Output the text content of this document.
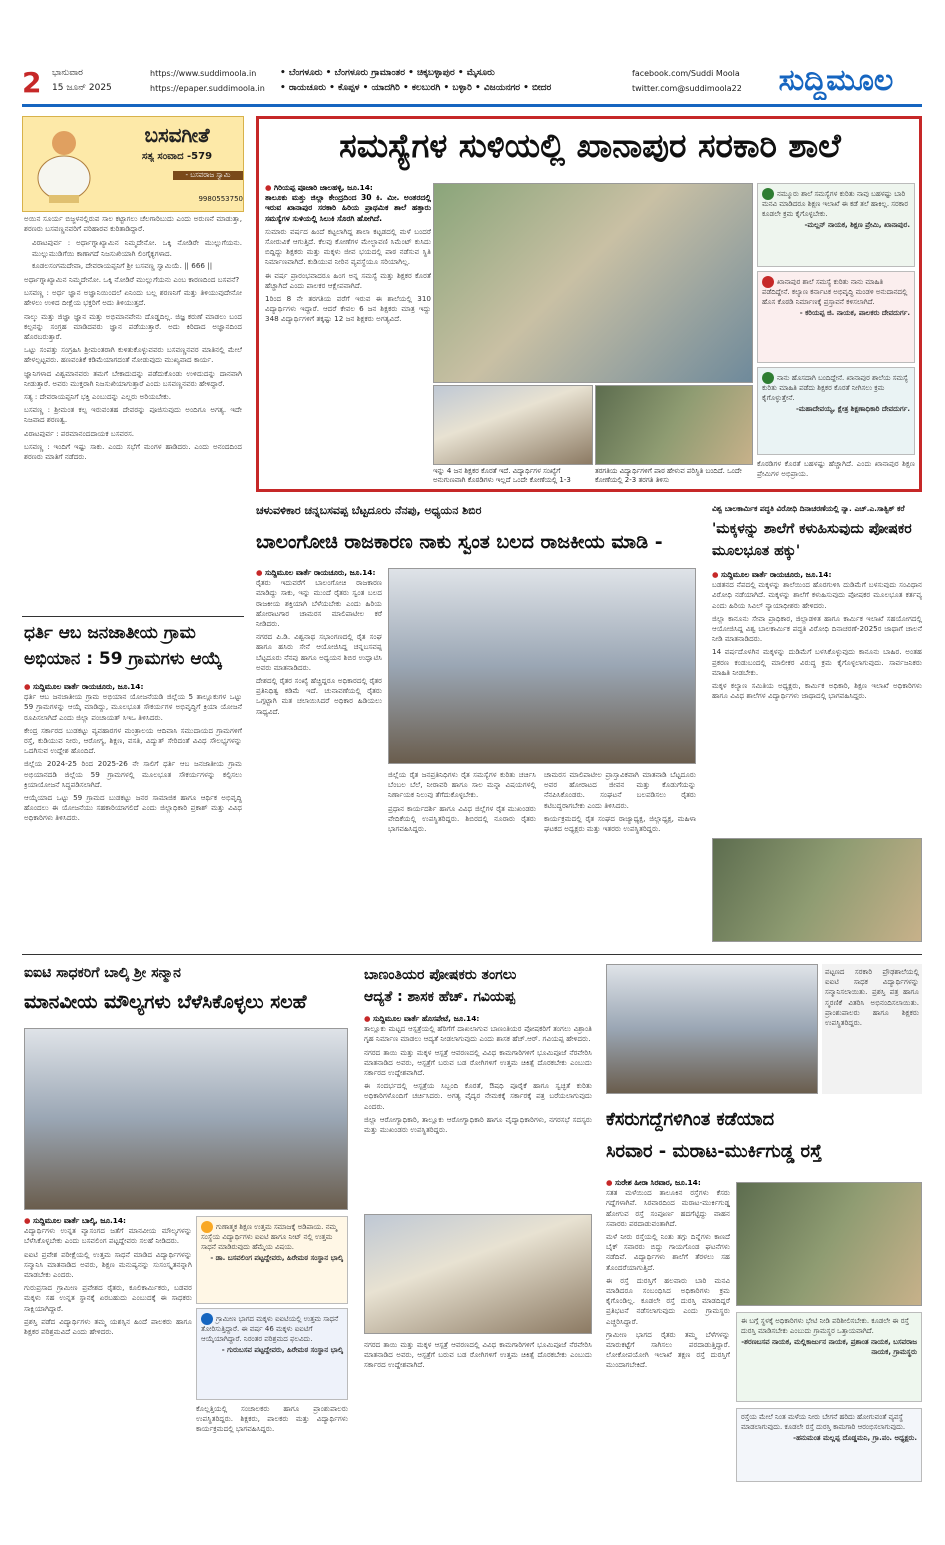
2	ಭಾನುವಾರ
15 ಜೂನ್ 2025
https://www.suddimoola.in
https://epaper.suddimoola.in
• ಬೆಂಗಳೂರು • ಬೆಂಗಳೂರು ಗ್ರಾಮಾಂತರ • ಚಿಕ್ಕಬಳ್ಳಾಪುರ • ಮೈಸೂರು
• ರಾಯಚೂರು • ಕೊಪ್ಪಳ • ಯಾದಗಿರಿ • ಕಲಬುರಗಿ • ಬಳ್ಳಾರಿ • ವಿಜಯನಗರ • ಬೀದರ
facebook.com/Suddi Moola
twitter.com@suddimoola22	ಸುದ್ದಿಮೂಲ
ಬಸವಗೀತೆ
ಸತ್ಯ ಸಂವಾದ -579
- ಬಸವರಾಜ ಸ್ವಾಮಿ
9980553750

ಅಯಿನ ಸೂರ್ಯ ಬಿಜ್ಜಳನಲ್ಲಿರುವ ಸಾಲ ಕಟ್ಟಾಗಲು ಚೆಲಗಾರಿಬುದು ಎಂದು ಅರುಣನೆ ಮಾಡುತ್ತಾ, ಶರಣರು ಬಸವಣ್ಣನವರಿಗೆ ಪರಿಹಾರವ ಕುರಿತಾಡಿದ್ದಾರೆ.

ವಿರಾಟಪುರ್ವ : ಅರ್ಧಾಗ್ನಾಖ್ಯಾಮಿನ ನಿಮ್ಮದೇನೋ. ಒಕ್ಕಿ ನೋಡಿರೇ ಮುಲ್ಲುಗೆಯನು. ಮುಲ್ಲುಮುಡಿಗೆಯಿ ಕಾಣಾಗದೆ ನಿಜಸುಖಿಯಾಗಿ ಲಿಂಗೈಕ್ಯಗಳಾದ.

ಕೂಡಲಸಂಗಮದೇವಾ, ದೇವರಾಯಪ್ಪನಿಗೆ ಶ್ರೀ ಬಸವಣ್ಣ ಸ್ವಾಮಿಯೆ. || 666 ||

ಅರ್ಧಾಗ್ನಾಖ್ಯಾಮಿನ ನಿಮ್ಮದೇನೋ. ಒಕ್ಕಿ ನೋಡಿರೆ ಮುಲ್ಲುಗೆಯನು ಎಂಬ ಕಾರಣದಿಂದ ಬಸವನೆ?

ಬಸವಣ್ಣ : ಅರ್ಧ ಜ್ಞಾನ ಅಜ್ಞಾನಿಯಿಂದಲೆ ಏನಿಂದು ಬಲ್ಲ ಶರಣನಿಗೆ ಮತ್ತು ತಿಳಿಯುವುದೇನೋ ಹೇಳಲು ಉಳಿದ ದೀಕ್ಷೆಯ ಭಕ್ತರಿಗೆ ಅದು ತಿಳಿಯುತ್ತದೆ.

ನಾಲ್ಕು ಮತ್ತು ಜಿಜ್ಞಾ ಜ್ಞಾನ ಮತ್ತು ಅಭಿಮಾನವೇನು ದೊಡ್ಡದಿಲ್ಲ. ಜಿಜ್ಞ ಕರುಣೆ ಮಾಡಲು ಬಂದ ಕಲ್ಪನನ್ನು ಸಂಗ್ರಹ ಮಾಡಿದವರು ಜ್ಞಾನ ಪಡೆಯುತ್ತಾರೆ. ಅದು ಕಿರಿದಾದ ಅಜ್ಞಾನದಿಂದ ಹೊರಬರುತ್ತಾರೆ.

ಒಟ್ಟು ಸಂಪತ್ತು ಸಂಗ್ರಹಿಸಿ ಶ್ರೀಮಂತರಾಗಿ ಕುಳಿತುಕೊಳ್ಳುವವರು ಬಸವಣ್ಣನವರ ಮಾತಿನಲ್ಲಿ ಮೇಲೆ ಹೇಳಲ್ಪಟ್ಟವರು. ಹಣವಂತಿಕೆ ಕಡಿಮೆಯಾಗದಂತೆ ನೋಡುವುದು ಮುಖ್ಯವಾದ ಕಾರ್ಯ.

ಜ್ಞಾನಿಗಳಾದ ವಿಶ್ವಮಾನವರು ತಮಗೆ ಬೇಕಾದುದನ್ನು ಪಡೆದುಕೊಂಡು ಉಳಿದುದನ್ನು ದಾನವಾಗಿ ನೀಡುತ್ತಾರೆ. ಅವರು ಮುಕ್ತರಾಗಿ ನಿಜಸುಖಿಯಾಗುತ್ತಾರೆ ಎಂದು ಬಸವಣ್ಣನವರು ಹೇಳಿದ್ದಾರೆ.

ಸತ್ಯ : ದೇವರಾಯಪ್ಪನಿಗೆ ಭಕ್ತಿ ಎಂಬುದನ್ನು ಎಲ್ಲರು ಅರಿಯಬೇಕು.

ಬಸವಣ್ಣ : ಶ್ರೀಮಂತ ಕಲ್ಪ ಇರುವಂತಹ ದೇವರನ್ನು ಪೂಜಿಸುವುದು ಅಂದಿಗೂ ಅಗತ್ಯ. ಇದೇ ನಿಜವಾದ ಶರಣತ್ವ.

ವಿರಾಟಪುರ್ವ : ಪರಮಾನಂದದಾಯಕ ಬಸವರಸ.

ಬಸವಣ್ಣ : ಇಂದಿಗೆ ಇಷ್ಟು ಸಾಕು. ಎಂದು ಸಭೆಗೆ ಮಂಗಳ ಹಾಡಿದರು. ಎಂದು ಅನಂದದಿಂದ ಶರಣರು ಮಾತಿಗೆ ನಡೆದರು.

ಧರ್ತಿ ಆಬ ಜನಜಾತೀಯ ಗ್ರಾಮ ಅಭಿಯಾನ : 59 ಗ್ರಾಮಗಳು ಆಯ್ಕೆ
● ಸುದ್ದಿಮೂಲ ವಾರ್ತೆ ರಾಯಚೂರು, ಜೂ.14:

ಧರ್ತಿ ಆಬ ಜನಜಾತೀಯ ಗ್ರಾಮ ಅಭಿಯಾನ ಯೋಜನೆಯಡಿ ಜಿಲ್ಲೆಯ 5 ತಾಲ್ಲೂಕುಗಳ ಒಟ್ಟು 59 ಗ್ರಾಮಗಳನ್ನು ಆಯ್ಕೆ ಮಾಡಿದ್ದು, ಮೂಲಭೂತ ಸೌಕರ್ಯಗಳ ಅಭಿವೃದ್ಧಿಗೆ ಕ್ರಿಯಾ ಯೋಜನೆ ರೂಪಿಸಲಾಗಿದೆ ಎಂದು ಜಿಲ್ಲಾ ಪಂಚಾಯತ್ ಸಿಇಒ ತಿಳಿಸಿದರು.

ಕೇಂದ್ರ ಸರ್ಕಾರದ ಬುಡಕಟ್ಟು ವ್ಯವಹಾರಗಳ ಮಂತ್ರಾಲಯ ಆದಿವಾಸಿ ಸಮುದಾಯದ ಗ್ರಾಮಗಳಿಗೆ ರಸ್ತೆ, ಕುಡಿಯುವ ನೀರು, ಆರೋಗ್ಯ, ಶಿಕ್ಷಣ, ವಸತಿ, ವಿದ್ಯುತ್ ಸೇರಿದಂತೆ ವಿವಿಧ ಸೌಲಭ್ಯಗಳನ್ನು ಒದಗಿಸುವ ಉದ್ದೇಶ ಹೊಂದಿದೆ.

ಜಿಲ್ಲೆಯ 2024-25 ರಿಂದ 2025-26 ನೇ ಸಾಲಿಗೆ ಧರ್ತಿ ಆಬ ಜನಜಾತೀಯ ಗ್ರಾಮ ಅಭಿಯಾನದಡಿ ಜಿಲ್ಲೆಯ 59 ಗ್ರಾಮಗಳಲ್ಲಿ ಮೂಲಭೂತ ಸೌಕರ್ಯಗಳನ್ನು ಕಲ್ಪಿಸಲು ಕ್ರಿಯಾಯೋಜನೆ ಸಿದ್ಧಪಡಿಸಲಾಗಿದೆ.

ಆಯ್ಕೆಯಾದ ಒಟ್ಟು 59 ಗ್ರಾಮದ ಬುಡಕಟ್ಟು ಜನರ ಸಾಮಾಜಿಕ ಹಾಗೂ ಆರ್ಥಿಕ ಅಭಿವೃದ್ಧಿ ಹೊಂದಲು ಈ ಯೋಜನೆಯು ಸಹಕಾರಿಯಾಗಲಿದೆ ಎಂದು ಜಿಲ್ಲಾಧಿಕಾರಿ ಪ್ರಕಾಶ್ ಮತ್ತು ವಿವಿಧ ಅಧಿಕಾರಿಗಳು ತಿಳಿಸಿದರು.

ಸಮಸ್ಯೆಗಳ ಸುಳಿಯಲ್ಲಿ ಖಾನಾಪುರ ಸರಕಾರಿ ಶಾಲೆ
● ಗಿರಿಯಪ್ಪ ಪೂಜಾರಿ ಜಾಲಹಳ್ಳಿ, ಜೂ.14:

ತಾಲೂಕು ಮತ್ತು ಜಿಲ್ಲಾ ಕೇಂದ್ರದಿಂದ 30 ಕಿ. ಮೀ. ಅಂತರದಲ್ಲಿ ಇರುವ ಖಾನಾಪುರ ಸರಕಾರಿ ಹಿರಿಯ ಪ್ರಾಥಮಿಕ ಶಾಲೆ ಹತ್ತಾರು ಸಮಸ್ಯೆಗಳ ಸುಳಿಯಲ್ಲಿ ಸಿಲುಕಿ ಸೊರಗಿ ಹೋಗಿದೆ.

ಸುಮಾರು ವರ್ಷದ ಹಿಂದೆ ಕಟ್ಟಲಾಗಿದ್ದ ಶಾಲಾ ಕಟ್ಟಡದಲ್ಲಿ ಮಳೆ ಬಂದರೆ ಸೋರುವಿಕೆ ಆಗುತ್ತಿದೆ. ಕೆಲವು ಕೋಣೆಗಳ ಮೇಲ್ಛಾವಣಿ ಸಿಮೆಂಟ್ ಕುಸಿದು ಬಿದ್ದಿದ್ದು ಶಿಕ್ಷಕರು ಮತ್ತು ಮಕ್ಕಳು ಜೀವ ಭಯದಲ್ಲಿ ಪಾಠ ನಡೆಸುವ ಸ್ಥಿತಿ ನಿರ್ಮಾಣವಾಗಿದೆ. ಕುಡಿಯುವ ನೀರಿನ ವ್ಯವಸ್ಥೆಯೂ ಸರಿಯಾಗಿಲ್ಲ.

ಈ ವರ್ಷ ಪ್ರಾರಂಭವಾದರೂ ಹಿಂಗ ಅನ್ನ ಸಮಸ್ಯೆ ಮತ್ತು ಶಿಕ್ಷಕರ ಕೊರತೆ ಹೆಚ್ಚಾಗಿದೆ ಎಂದು ಪಾಲಕರ ಆಕ್ಷೇಪವಾಗಿದೆ.

1ರಿಂದ 8 ನೇ ತರಗತಿಯ ವರೆಗೆ ಇರುವ ಈ ಶಾಲೆಯಲ್ಲಿ 310 ವಿದ್ಯಾರ್ಥಿಗಳು ಇದ್ದಾರೆ. ಆದರೆ ಕೇವಲ 6 ಜನ ಶಿಕ್ಷಕರು ಮಾತ್ರ ಇದ್ದು 348 ವಿದ್ಯಾರ್ಥಿಗಳಿಗೆ ತಕ್ಕಷ್ಟು 12 ಜನ ಶಿಕ್ಷಕರು ಅಗತ್ಯವಿದೆ.

ಇನ್ನು 4 ಜನ ಶಿಕ್ಷಕರ ಕೊರತೆ ಇದೆ. ವಿದ್ಯಾರ್ಥಿಗಳ ಸಂಖ್ಯೆಗೆ ಅನುಗುಣವಾಗಿ ಕೊಠಡಿಗಳು ಇಲ್ಲದೆ ಒಂದೇ ಕೋಣೆಯಲ್ಲಿ 1-3
ತರಗತಿಯ ವಿದ್ಯಾರ್ಥಿಗಳಿಗೆ ಪಾಠ ಹೇಳುವ ಪರಿಸ್ಥಿತಿ ಬಂದಿದೆ. ಒಂದೇ ಕೋಣೆಯಲ್ಲಿ 2-3 ತರಗತಿ ತಿಳಿಸು
ನಮ್ಮೂರು ಶಾಲೆ ಸಮಸ್ಯೆಗಳ ಕುರಿತು ನಾವು ಬಹಳಷ್ಟು ಬಾರಿ ಮನವಿ ಮಾಡಿದರೂ ಶಿಕ್ಷಣ ಇಲಾಖೆ ಈ ಕಡೆ ತಲೆ ಹಾಕಿಲ್ಲ. ಸರಕಾರ ಕೂಡಲೇ ಕ್ರಮ ಕೈಗೊಳ್ಳಬೇಕು.
-ಮಲ್ಲನ್ ನಾಯಕ, ಶಿಕ್ಷಣ ಪ್ರೇಮಿ, ಖಾನಾಪುರ.
ಖಾನಾಪುರ ಶಾಲೆ ಸಮಸ್ಯೆ ಕುರಿತು ನಾನು ಮಾಹಿತಿ ಪಡೆದಿದ್ದೇನೆ. ಕಲ್ಯಾಣ ಕರ್ನಾಟಕ ಅಭಿವೃದ್ಧಿ ಮಂಡಳಿ ಅನುದಾನದಲ್ಲಿ ಹೊಸ ಕೊಠಡಿ ನಿರ್ಮಾಣಕ್ಕೆ ಪ್ರಸ್ತಾವನೆ ಕಳಿಸಲಾಗಿದೆ.
- ಕರಿಯಪ್ಪ ಜಿ. ನಾಯಕ, ಪಾಲಕರು ದೇವದುರ್ಗ.
ನಾನು ಹೊಸದಾಗಿ ಬಂದಿದ್ದೇನೆ. ಖಾನಾಪುರ ಶಾಲೆಯ ಸಮಸ್ಯೆ ಕುರಿತು ಮಾಹಿತಿ ಪಡೆದು ಶಿಕ್ಷಕರ ಕೊರತೆ ನೀಗಿಸಲು ಕ್ರಮ ಕೈಗೊಳ್ಳುತ್ತೇನೆ.
-ಮಹಾದೇವಯ್ಯ, ಕ್ಷೇತ್ರ ಶಿಕ್ಷಣಾಧಿಕಾರಿ ದೇವದುರ್ಗ.
ಕೊಠಡಿಗಳ ಕೊರತೆ ಬಹಳಷ್ಟು ಹೆಚ್ಚಾಗಿದೆ. ಎಂದು ಖಾನಾಪುರ ಶಿಕ್ಷಣ ಪ್ರೇಮಿಗಳ ಅಭಿಪ್ರಾಯ.
ಚಳುವಳಿಕಾರ ಚನ್ನಬಸವಪ್ಪ ಬೆಟ್ಟದೂರು ನೆನಪು, ಅಧ್ಯಯನ ಶಿಬಿರ
ಬಾಲಂಗೋಚಿ ರಾಜಕಾರಣ ನಾಕು ಸ್ವಂತ ಬಲದ ರಾಜಕೀಯ ಮಾಡಿ -
● ಸುದ್ದಿಮೂಲ ವಾರ್ತೆ ರಾಯಚೂರು, ಜೂ.14:

ರೈತರು ಇದುವರೆಗೆ ಬಾಲಂಗೋಚಿ ರಾಜಕಾರಣ ಮಾಡಿದ್ದು ಸಾಕು, ಇನ್ನು ಮುಂದೆ ರೈತರು ಸ್ವಂತ ಬಲದ ರಾಜಕೀಯ ಶಕ್ತಿಯಾಗಿ ಬೆಳೆಯಬೇಕು ಎಂದು ಹಿರಿಯ ಹೋರಾಟಗಾರ ಚಾಮರಸ ಮಾಲಿಪಾಟೀಲ ಕರೆ ನೀಡಿದರು.

ನಗರದ ಪಿ.ಡಿ. ವಿಶ್ವನಾಥ ಸಭಾಂಗಣದಲ್ಲಿ ರೈತ ಸಂಘ ಹಾಗೂ ಹಸಿರು ಸೇನೆ ಆಯೋಜಿಸಿದ್ದ ಚನ್ನಬಸವಪ್ಪ ಬೆಟ್ಟದೂರು ನೆನಪು ಹಾಗೂ ಅಧ್ಯಯನ ಶಿಬಿರ ಉದ್ಘಾಟಿಸಿ ಅವರು ಮಾತನಾಡಿದರು.

ದೇಶದಲ್ಲಿ ರೈತರ ಸಂಖ್ಯೆ ಹೆಚ್ಚಿದ್ದರೂ ಅಧಿಕಾರದಲ್ಲಿ ರೈತರ ಪ್ರತಿನಿಧಿತ್ವ ಕಡಿಮೆ ಇದೆ. ಚುನಾವಣೆಯಲ್ಲಿ ರೈತರು ಒಗ್ಗಟ್ಟಾಗಿ ಮತ ಚಲಾಯಿಸಿದರೆ ಅಧಿಕಾರ ಹಿಡಿಯಲು ಸಾಧ್ಯವಿದೆ.

ಜಿಲ್ಲೆಯ ರೈತ ಜನಪ್ರತಿನಿಧಿಗಳು ರೈತ ಸಮಸ್ಯೆಗಳ ಕುರಿತು ಚರ್ಚಿಸಿ ಬೆಂಬಲ ಬೆಲೆ, ನೀರಾವರಿ ಹಾಗೂ ಸಾಲ ಮನ್ನಾ ವಿಷಯಗಳಲ್ಲಿ ನಿರ್ಣಾಯಕ ನಿಲುವು ತೆಗೆದುಕೊಳ್ಳಬೇಕು.

ಪ್ರಧಾನ ಕಾರ್ಯದರ್ಶಿ ಹಾಗೂ ವಿವಿಧ ಜಿಲ್ಲೆಗಳ ರೈತ ಮುಖಂಡರು ವೇದಿಕೆಯಲ್ಲಿ ಉಪಸ್ಥಿತರಿದ್ದರು. ಶಿಬಿರದಲ್ಲಿ ನೂರಾರು ರೈತರು ಭಾಗವಹಿಸಿದ್ದರು.

ಚಾಮರಸ ಮಾಲಿಪಾಟೀಲ ಪ್ರಾಸ್ತಾವಿಕವಾಗಿ ಮಾತನಾಡಿ ಬೆಟ್ಟದೂರು ಅವರ ಹೋರಾಟದ ಜೀವನ ಮತ್ತು ಕೊಡುಗೆಯನ್ನು ನೆನಪಿಸಿಕೊಂಡರು. ಸಂಘಟನೆ ಬಲಪಡಿಸಲು ರೈತರು ಕಟಿಬದ್ಧರಾಗಬೇಕು ಎಂದು ತಿಳಿಸಿದರು.

ಕಾರ್ಯಕ್ರಮದಲ್ಲಿ ರೈತ ಸಂಘದ ರಾಜ್ಯಾಧ್ಯಕ್ಷ, ಜಿಲ್ಲಾಧ್ಯಕ್ಷ, ಮಹಿಳಾ ಘಟಕದ ಅಧ್ಯಕ್ಷರು ಮತ್ತು ಇತರರು ಉಪಸ್ಥಿತರಿದ್ದರು.

ವಿಶ್ವ ಬಾಲಕಾರ್ಮಿಕ ಪದ್ಧತಿ ವಿರೋಧಿ ದಿನಾಚರಣೆಯಲ್ಲಿ ನ್ಯಾ. ಎಚ್.ಎ.ಸಾತ್ವಿಕ್ ಕರೆ
'ಮಕ್ಕಳನ್ನು ಶಾಲೆಗೆ ಕಳುಹಿಸುವುದು ಪೋಷಕರ ಮೂಲಭೂತ ಹಕ್ಕು'
● ಸುದ್ದಿಮೂಲ ವಾರ್ತೆ ರಾಯಚೂರು, ಜೂ.14:

ಬಡತನದ ನೆಪದಲ್ಲಿ ಮಕ್ಕಳನ್ನು ಶಾಲೆಯಿಂದ ಹೊರಗುಳಿಸಿ ದುಡಿಮೆಗೆ ಬಳಸುವುದು ಸಂವಿಧಾನ ವಿರೋಧಿ ನಡೆಯಾಗಿದೆ. ಮಕ್ಕಳನ್ನು ಶಾಲೆಗೆ ಕಳುಹಿಸುವುದು ಪೋಷಕರ ಮೂಲಭೂತ ಕರ್ತವ್ಯ ಎಂದು ಹಿರಿಯ ಸಿವಿಲ್ ನ್ಯಾಯಾಧೀಶರು ಹೇಳಿದರು.

ಜಿಲ್ಲಾ ಕಾನೂನು ಸೇವಾ ಪ್ರಾಧಿಕಾರ, ಜಿಲ್ಲಾಡಳಿತ ಹಾಗೂ ಕಾರ್ಮಿಕ ಇಲಾಖೆ ಸಹಯೋಗದಲ್ಲಿ ಆಯೋಜಿಸಿದ್ದ ವಿಶ್ವ ಬಾಲಕಾರ್ಮಿಕ ಪದ್ಧತಿ ವಿರೋಧಿ ದಿನಾಚರಣೆ-2025ರ ಜಾಥಾಗೆ ಚಾಲನೆ ನೀಡಿ ಮಾತನಾಡಿದರು.

14 ವರ್ಷದೊಳಗಿನ ಮಕ್ಕಳನ್ನು ದುಡಿಮೆಗೆ ಬಳಸಿಕೊಳ್ಳುವುದು ಕಾನೂನು ಬಾಹಿರ. ಅಂತಹ ಪ್ರಕರಣ ಕಂಡುಬಂದಲ್ಲಿ ಮಾಲೀಕರ ವಿರುದ್ಧ ಕ್ರಮ ಕೈಗೊಳ್ಳಲಾಗುವುದು. ಸಾರ್ವಜನಿಕರು ಮಾಹಿತಿ ನೀಡಬೇಕು.

ಮಕ್ಕಳ ಕಲ್ಯಾಣ ಸಮಿತಿಯ ಅಧ್ಯಕ್ಷರು, ಕಾರ್ಮಿಕ ಅಧಿಕಾರಿ, ಶಿಕ್ಷಣ ಇಲಾಖೆ ಅಧಿಕಾರಿಗಳು ಹಾಗೂ ವಿವಿಧ ಶಾಲೆಗಳ ವಿದ್ಯಾರ್ಥಿಗಳು ಜಾಥಾದಲ್ಲಿ ಭಾಗವಹಿಸಿದ್ದರು.

ಐಐಟಿ ಸಾಧಕರಿಗೆ ಬಾಲ್ಕಿ ಶ್ರೀ ಸನ್ಮಾನ
ಮಾನವೀಯ ಮೌಲ್ಯಗಳು ಬೆಳೆಸಿಕೊಳ್ಳಲು ಸಲಹೆ
● ಸುದ್ದಿಮೂಲ ವಾರ್ತೆ ಬಾಲ್ಕಿ, ಜೂ.14:

ವಿದ್ಯಾರ್ಥಿಗಳು ಉನ್ನತ ವ್ಯಾಸಂಗದ ಜತೆಗೆ ಮಾನವೀಯ ಮೌಲ್ಯಗಳನ್ನು ಬೆಳೆಸಿಕೊಳ್ಳಬೇಕು ಎಂದು ಬಸವಲಿಂಗ ಪಟ್ಟದ್ದೇವರು ಸಲಹೆ ನೀಡಿದರು.

ಐಐಟಿ ಪ್ರವೇಶ ಪರೀಕ್ಷೆಯಲ್ಲಿ ಉತ್ತಮ ಸಾಧನೆ ಮಾಡಿದ ವಿದ್ಯಾರ್ಥಿಗಳನ್ನು ಸನ್ಮಾನಿಸಿ ಮಾತನಾಡಿದ ಅವರು, ಶಿಕ್ಷಣ ಮನುಷ್ಯನನ್ನು ಸುಸಂಸ್ಕೃತನನ್ನಾಗಿ ಮಾಡಬೇಕು ಎಂದರು.

ಗುರುಪ್ರಸಾದ ಗ್ರಾಮೀಣ ಪ್ರವೇಶದ ರೈತರು, ಕೂಲಿಕಾರ್ಮಿಕರು, ಬಡವರ ಮಕ್ಕಳು ಸಹ ಉನ್ನತ ಸ್ಥಾನಕ್ಕೆ ಏರಬಹುದು ಎಂಬುದಕ್ಕೆ ಈ ಸಾಧಕರು ಸಾಕ್ಷಿಯಾಗಿದ್ದಾರೆ.

ಪ್ರಶಸ್ತಿ ಪಡೆದ ವಿದ್ಯಾರ್ಥಿಗಳು ತಮ್ಮ ಯಶಸ್ಸಿನ ಹಿಂದೆ ಪಾಲಕರು ಹಾಗೂ ಶಿಕ್ಷಕರ ಪರಿಶ್ರಮವಿದೆ ಎಂದು ಹೇಳಿದರು.

ಗುಣಾತ್ಮಕ ಶಿಕ್ಷಣ ಉತ್ತಮ ಸಮಾಜಕ್ಕೆ ಅಡಿಪಾಯ. ನಮ್ಮ ಸಂಸ್ಥೆಯ ವಿದ್ಯಾರ್ಥಿಗಳು ಐಐಟಿ ಹಾಗೂ ನೀಟ್ ನಲ್ಲಿ ಉತ್ತಮ ಸಾಧನೆ ಮಾಡಿರುವುದು ಹೆಮ್ಮೆಯ ವಿಷಯ.
- ಡಾ. ಬಸವಲಿಂಗ ಪಟ್ಟದ್ದೇವರು, ಹಿರೇಮಠ ಸಂಸ್ಥಾನ ಭಾಲ್ಕಿ
ಗ್ರಾಮೀಣ ಭಾಗದ ಮಕ್ಕಳು ಐಐಟಿಯಲ್ಲಿ ಉತ್ತಮ ಸಾಧನೆ ತೋರಿಸುತ್ತಿದ್ದಾರೆ. ಈ ವರ್ಷ 46 ಮಕ್ಕಳು ಐಐಟಿಗೆ ಆಯ್ಕೆಯಾಗಿದ್ದಾರೆ. ನಿರಂತರ ಪರಿಶ್ರಮದ ಫಲವಿದು.
- ಗುರುಬಸವ ಪಟ್ಟದ್ದೇವರು, ಹಿರೇಮಠ ಸಂಸ್ಥಾನ ಭಾಲ್ಕಿ
ಕೊಲ್ಲತ್ತಿಯಲ್ಲಿ ಸಂಚಾಲಕರು ಹಾಗೂ ಪ್ರಾಂಶುಪಾಲರು ಉಪಸ್ಥಿತರಿದ್ದರು. ಶಿಕ್ಷಕರು, ಪಾಲಕರು ಮತ್ತು ವಿದ್ಯಾರ್ಥಿಗಳು ಕಾರ್ಯಕ್ರಮದಲ್ಲಿ ಭಾಗವಹಿಸಿದ್ದರು.
ಬಾಣಂತಿಯರ ಪೋಷಕರು ತಂಗಲು
ಆದ್ಯತೆ : ಶಾಸಕ ಹೆಚ್. ಗವಿಯಪ್ಪ
● ಸುದ್ದಿಮೂಲ ವಾರ್ತೆ ಹೊಸಪೇಟೆ, ಜೂ.14:

ತಾಲ್ಲೂಕು ಮಟ್ಟದ ಆಸ್ಪತ್ರೆಯಲ್ಲಿ ಹೆರಿಗೆಗೆ ದಾಖಲಾಗುವ ಬಾಣಂತಿಯರ ಪೋಷಕರಿಗೆ ತಂಗಲು ವಿಶ್ರಾಂತಿ ಗೃಹ ನಿರ್ಮಾಣ ಮಾಡಲು ಆದ್ಯತೆ ನೀಡಲಾಗುವುದು ಎಂದು ಶಾಸಕ ಹೆಚ್.ಆರ್. ಗವಿಯಪ್ಪ ಹೇಳಿದರು.

ನಗರದ ತಾಯಿ ಮತ್ತು ಮಕ್ಕಳ ಆಸ್ಪತ್ರೆ ಆವರಣದಲ್ಲಿ ವಿವಿಧ ಕಾಮಗಾರಿಗಳಿಗೆ ಭೂಮಿಪೂಜೆ ನೆರವೇರಿಸಿ ಮಾತನಾಡಿದ ಅವರು, ಆಸ್ಪತ್ರೆಗೆ ಬರುವ ಬಡ ರೋಗಿಗಳಿಗೆ ಉತ್ತಮ ಚಿಕಿತ್ಸೆ ದೊರಕಬೇಕು ಎಂಬುದು ಸರ್ಕಾರದ ಉದ್ದೇಶವಾಗಿದೆ.

ಈ ಸಂದರ್ಭದಲ್ಲಿ ಆಸ್ಪತ್ರೆಯ ಸಿಬ್ಬಂದಿ ಕೊರತೆ, ಔಷಧಿ ಪೂರೈಕೆ ಹಾಗೂ ಸ್ವಚ್ಛತೆ ಕುರಿತು ಅಧಿಕಾರಿಗಳೊಂದಿಗೆ ಚರ್ಚಿಸಿದರು. ಅಗತ್ಯ ವೈದ್ಯರ ನೇಮಕಕ್ಕೆ ಸರ್ಕಾರಕ್ಕೆ ಪತ್ರ ಬರೆಯಲಾಗುವುದು ಎಂದರು.

ಜಿಲ್ಲಾ ಆರೋಗ್ಯಾಧಿಕಾರಿ, ತಾಲ್ಲೂಕು ಆರೋಗ್ಯಾಧಿಕಾರಿ ಹಾಗೂ ವೈದ್ಯಾಧಿಕಾರಿಗಳು, ನಗರಸಭೆ ಸದಸ್ಯರು ಮತ್ತು ಮುಖಂಡರು ಉಪಸ್ಥಿತರಿದ್ದರು.

ನಗರದ ತಾಯಿ ಮತ್ತು ಮಕ್ಕಳ ಆಸ್ಪತ್ರೆ ಆವರಣದಲ್ಲಿ ವಿವಿಧ ಕಾಮಗಾರಿಗಳಿಗೆ ಭೂಮಿಪೂಜೆ ನೆರವೇರಿಸಿ ಮಾತನಾಡಿದ ಅವರು, ಆಸ್ಪತ್ರೆಗೆ ಬರುವ ಬಡ ರೋಗಿಗಳಿಗೆ ಉತ್ತಮ ಚಿಕಿತ್ಸೆ ದೊರಕಬೇಕು ಎಂಬುದು ಸರ್ಕಾರದ ಉದ್ದೇಶವಾಗಿದೆ.
ಪಟ್ಟಣದ ಸರಕಾರಿ ಪ್ರೌಢಶಾಲೆಯಲ್ಲಿ ಐಐಟಿ ಸಾಧಕ ವಿದ್ಯಾರ್ಥಿಗಳನ್ನು ಸನ್ಮಾನಿಸಲಾಯಿತು. ಪ್ರಶಸ್ತಿ ಪತ್ರ ಹಾಗೂ ಸ್ಮರಣಿಕೆ ವಿತರಿಸಿ ಅಭಿನಂದಿಸಲಾಯಿತು. ಪ್ರಾಂಶುಪಾಲರು ಹಾಗೂ ಶಿಕ್ಷಕರು ಉಪಸ್ಥಿತರಿದ್ದರು.
ಕೆಸರುಗದ್ದೆಗಳಿಗಿಂತ ಕಡೆಯಾದ
ಸಿರವಾರ - ಮರಾಟ-ಮುರ್ಕಿಗುಡ್ಡ ರಸ್ತೆ
● ಸುರೇಶ ಹೀರಾ ಸಿರವಾರ, ಜೂ.14:

ಸತತ ಮಳೆಯಿಂದ ತಾಲೂಕಿನ ರಸ್ತೆಗಳು ಕೆಸರು ಗದ್ದೆಗಳಾಗಿವೆ. ಸಿರವಾರದಿಂದ ಮರಾಟ-ಮುರ್ಕಿಗುಡ್ಡ ಹೋಗುವ ರಸ್ತೆ ಸಂಪೂರ್ಣ ಹದಗೆಟ್ಟಿದ್ದು ವಾಹನ ಸವಾರರು ಪರದಾಡುವಂತಾಗಿದೆ.

ಮಳೆ ನೀರು ರಸ್ತೆಯಲ್ಲಿ ನಿಂತು ತಗ್ಗು ದಿನ್ನೆಗಳು ಕಾಣದೆ ಬೈಕ್ ಸವಾರರು ಬಿದ್ದು ಗಾಯಗೊಂಡ ಘಟನೆಗಳು ನಡೆದಿವೆ. ವಿದ್ಯಾರ್ಥಿಗಳು ಶಾಲೆಗೆ ತೆರಳಲು ಸಹ ತೊಂದರೆಯಾಗುತ್ತಿದೆ.

ಈ ರಸ್ತೆ ದುರಸ್ತಿಗೆ ಹಲವಾರು ಬಾರಿ ಮನವಿ ಮಾಡಿದರೂ ಸಂಬಂಧಿಸಿದ ಅಧಿಕಾರಿಗಳು ಕ್ರಮ ಕೈಗೊಂಡಿಲ್ಲ. ಕೂಡಲೇ ರಸ್ತೆ ದುರಸ್ತಿ ಮಾಡದಿದ್ದರೆ ಪ್ರತಿಭಟನೆ ನಡೆಸಲಾಗುವುದು ಎಂದು ಗ್ರಾಮಸ್ಥರು ಎಚ್ಚರಿಸಿದ್ದಾರೆ.

ಗ್ರಾಮೀಣ ಭಾಗದ ರೈತರು ತಮ್ಮ ಬೆಳೆಗಳನ್ನು ಮಾರುಕಟ್ಟೆಗೆ ಸಾಗಿಸಲು ಪರದಾಡುತ್ತಿದ್ದಾರೆ. ಲೋಕೋಪಯೋಗಿ ಇಲಾಖೆ ತಕ್ಷಣ ರಸ್ತೆ ದುರಸ್ತಿಗೆ ಮುಂದಾಗಬೇಕಿದೆ.

ಈ ಬಗ್ಗೆ ಸ್ಥಳಕ್ಕೆ ಅಧಿಕಾರಿಗಳು ಭೇಟಿ ನೀಡಿ ಪರಿಶೀಲಿಸಬೇಕು. ಕೂಡಲೇ ಈ ರಸ್ತೆ ದುರಸ್ತಿ ಮಾಡಿಸಬೇಕು ಎಂಬುದು ಗ್ರಾಮಸ್ಥರ ಒತ್ತಾಯವಾಗಿದೆ.
-ಶರಣಬಸವ ನಾಯಕ, ಮಲ್ಲಿಕಾರ್ಜುನ ನಾಯಕ, ಪ್ರಶಾಂತ ನಾಯಕ, ಬಸವರಾಜ ನಾಯಕ, ಗ್ರಾಮಸ್ಥರು
ರಸ್ತೆಯ ಮೇಲೆ ನಿಂತ ಮಳೆಯ ನೀರು ಬೇಗನೆ ಹರಿದು ಹೋಗುವಂತೆ ವ್ಯವಸ್ಥೆ ಮಾಡಲಾಗುವುದು. ಕೂಡಲೇ ರಸ್ತೆ ದುರಸ್ತಿ ಕಾಮಗಾರಿ ಆರಂಭಿಸಲಾಗುವುದು.
-ಹನುಮಂತ ಮಲ್ಲಪ್ಪ ದೊಡ್ಡಮನಿ, ಗ್ರಾ.ಪಂ. ಅಧ್ಯಕ್ಷರು.
